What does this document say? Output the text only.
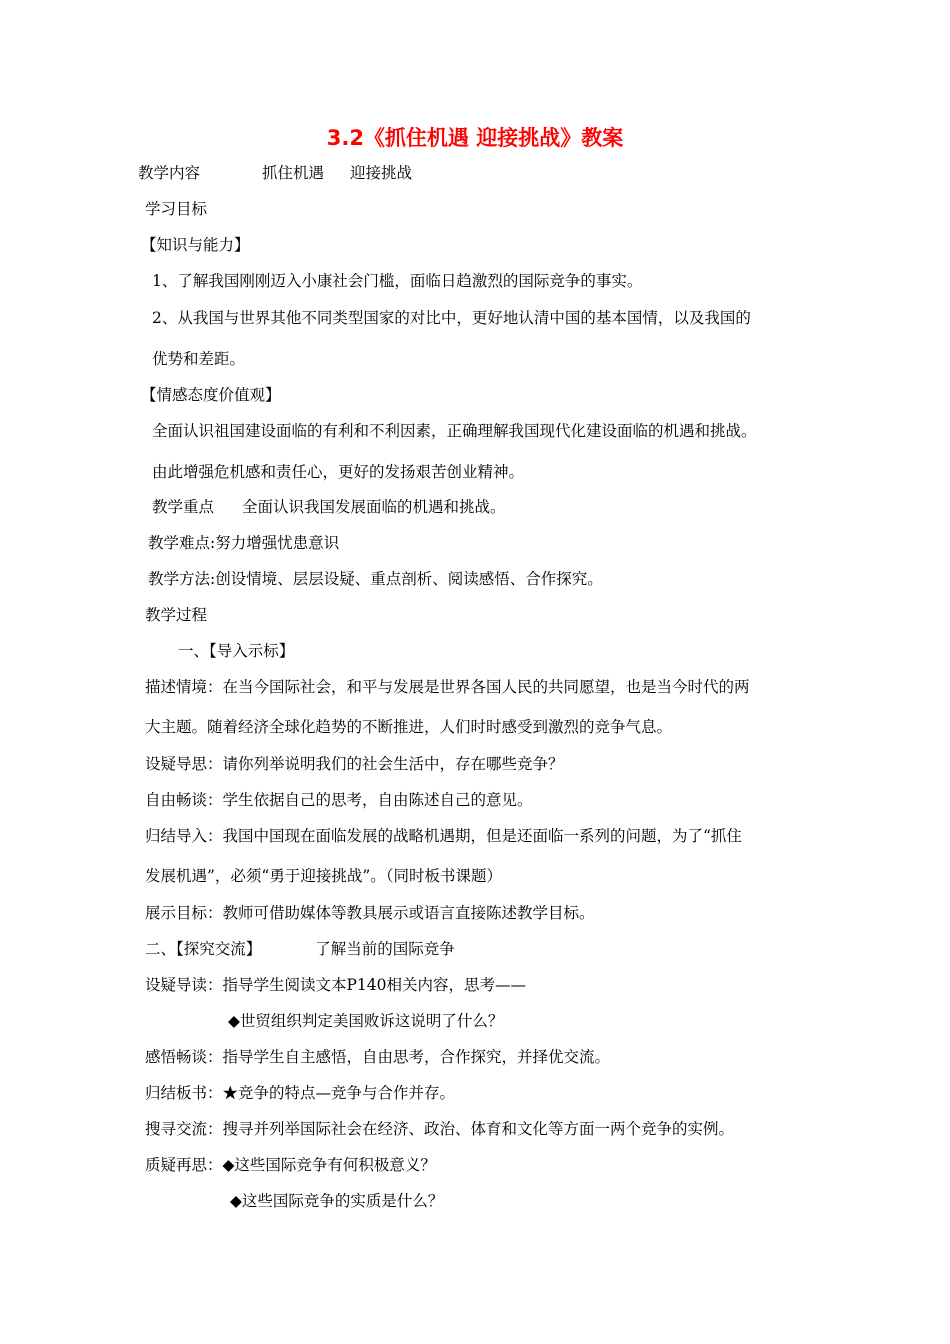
3.2《抓住机遇 迎接挑战》教案
教学内容	抓住机遇 迎接挑战
学习目标
【知识与能力】
1、了解我国刚刚迈入小康社会门槛，面临日趋激烈的国际竞争的事实。
2、从我国与世界其他不同类型国家的对比中，更好地认清中国的基本国情，以及我国的
优势和差距。
【情感态度价值观】
全面认识祖国建设面临的有利和不利因素，正确理解我国现代化建设面临的机遇和挑战。
由此增强危机感和责任心，更好的发扬艰苦创业精神。
教学重点 全面认识我国发展面临的机遇和挑战。
教学难点:努力增强忧患意识
教学方法:创设情境、层层设疑、重点剖析、阅读感悟、合作探究。
教学过程
一、【导入示标】
描述情境：在当今国际社会，和平与发展是世界各国人民的共同愿望，也是当今时代的两
大主题。随着经济全球化趋势的不断推进，人们时时感受到激烈的竞争气息。
设疑导思：请你列举说明我们的社会生活中，存在哪些竞争？
自由畅谈：学生依据自己的思考，自由陈述自己的意见。
归结导入：我国中国现在面临发展的战略机遇期，但是还面临一系列的问题，为了“抓住
发展机遇”，必须“勇于迎接挑战”。（同时板书课题）
展示目标：教师可借助媒体等教具展示或语言直接陈述教学目标。
二、【探究交流】	了解当前的国际竞争
设疑导读：指导学生阅读文本P140相关内容，思考——
◆世贸组织判定美国败诉这说明了什么？
感悟畅谈：指导学生自主感悟，自由思考，合作探究，并择优交流。
归结板书：★竞争的特点—竞争与合作并存。
搜寻交流：搜寻并列举国际社会在经济、政治、体育和文化等方面一两个竞争的实例。
质疑再思：◆这些国际竞争有何积极意义？
◆这些国际竞争的实质是什么？
